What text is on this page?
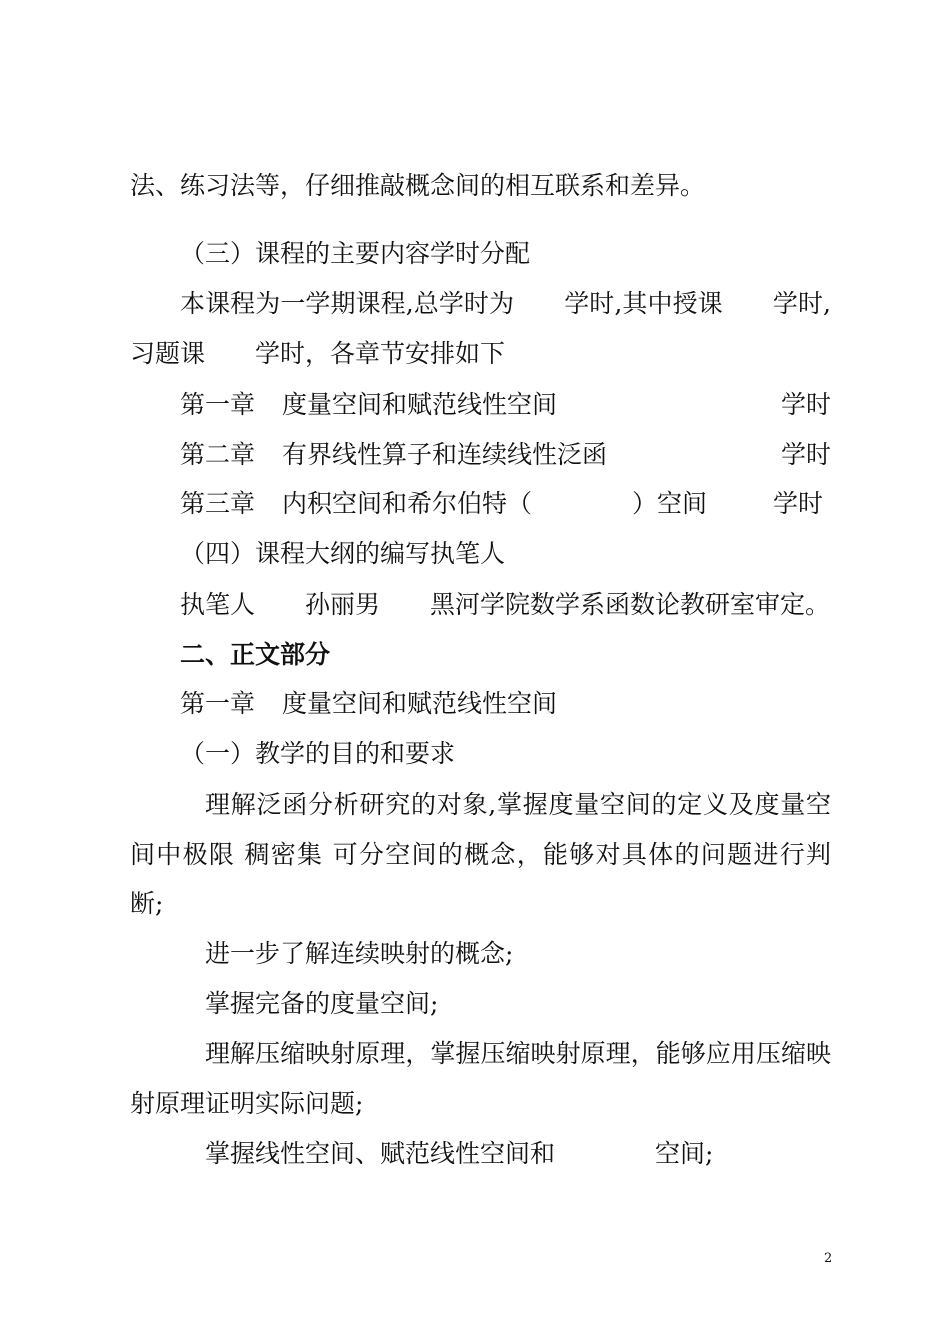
法、练习法等，仔细推敲概念间的相互联系和差异。
（三）课程的主要内容学时分配
本课程为一学期课程,总学时为　　学时,其中授课　　学时,
习题课　　学时，各章节安排如下
第一章 度量空间和赋范线性空间	学时
第二章 有界线性算子和连续线性泛函	学时
第三章 内积空间和希尔伯特（　　　　）空间	学时
（四）课程大纲的编写执笔人
执笔人　　孙丽男　　黑河学院数学系函数论教研室审定。
二、正文部分
第一章 度量空间和赋范线性空间
（一）教学的目的和要求
理解泛函分析研究的对象,掌握度量空间的定义及度量空
间中极限 稠密集 可分空间的概念，能够对具体的问题进行判
断;
进一步了解连续映射的概念;
掌握完备的度量空间;
理解压缩映射原理，掌握压缩映射原理，能够应用压缩映
射原理证明实际问题;
掌握线性空间、赋范线性空间和　　　　空间;
2
